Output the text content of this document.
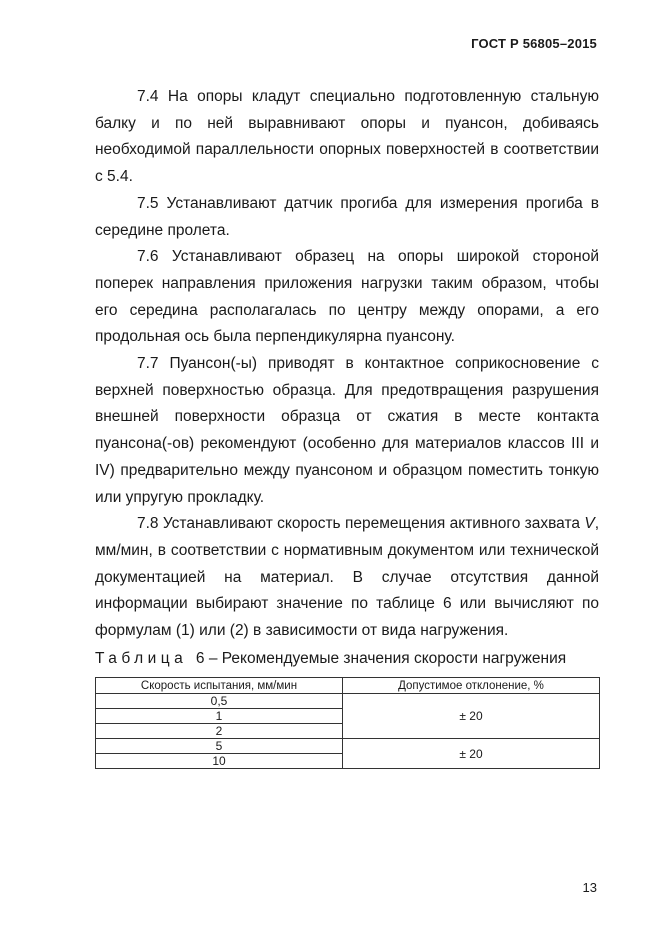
ГОСТ Р 56805–2015

7.4 На опоры кладут специально подготовленную стальную балку и по ней выравнивают опоры и пуансон, добиваясь необходимой параллельности опорных поверхностей в соответствии с 5.4.

7.5 Устанавливают датчик прогиба для измерения прогиба в середине пролета.

7.6 Устанавливают образец на опоры широкой стороной поперек направления приложения нагрузки таким образом, чтобы его середина располагалась по центру между опорами, а его продольная ось была перпендикулярна пуансону.

7.7 Пуансон(-ы) приводят в контактное соприкосновение с верхней поверхностью образца. Для предотвращения разрушения внешней поверхности образца от сжатия в месте контакта пуансона(-ов) рекомендуют (особенно для материалов классов III и IV) предварительно между пуансоном и образцом поместить тонкую или упругую прокладку.

7.8 Устанавливают скорость перемещения активного захвата V, мм/мин, в соответствии с нормативным документом или технической документацией на материал. В случае отсутствия данной информации выбирают значение по таблице 6 или вычисляют по формулам (1) или (2) в зависимости от вида нагружения.

Таблица 6 – Рекомендуемые значения скорости нагружения
Скорость испытания, мм/мин	Допустимое отклонение, %
0,5	± 20
1	
2	
5	± 20
10	
13
